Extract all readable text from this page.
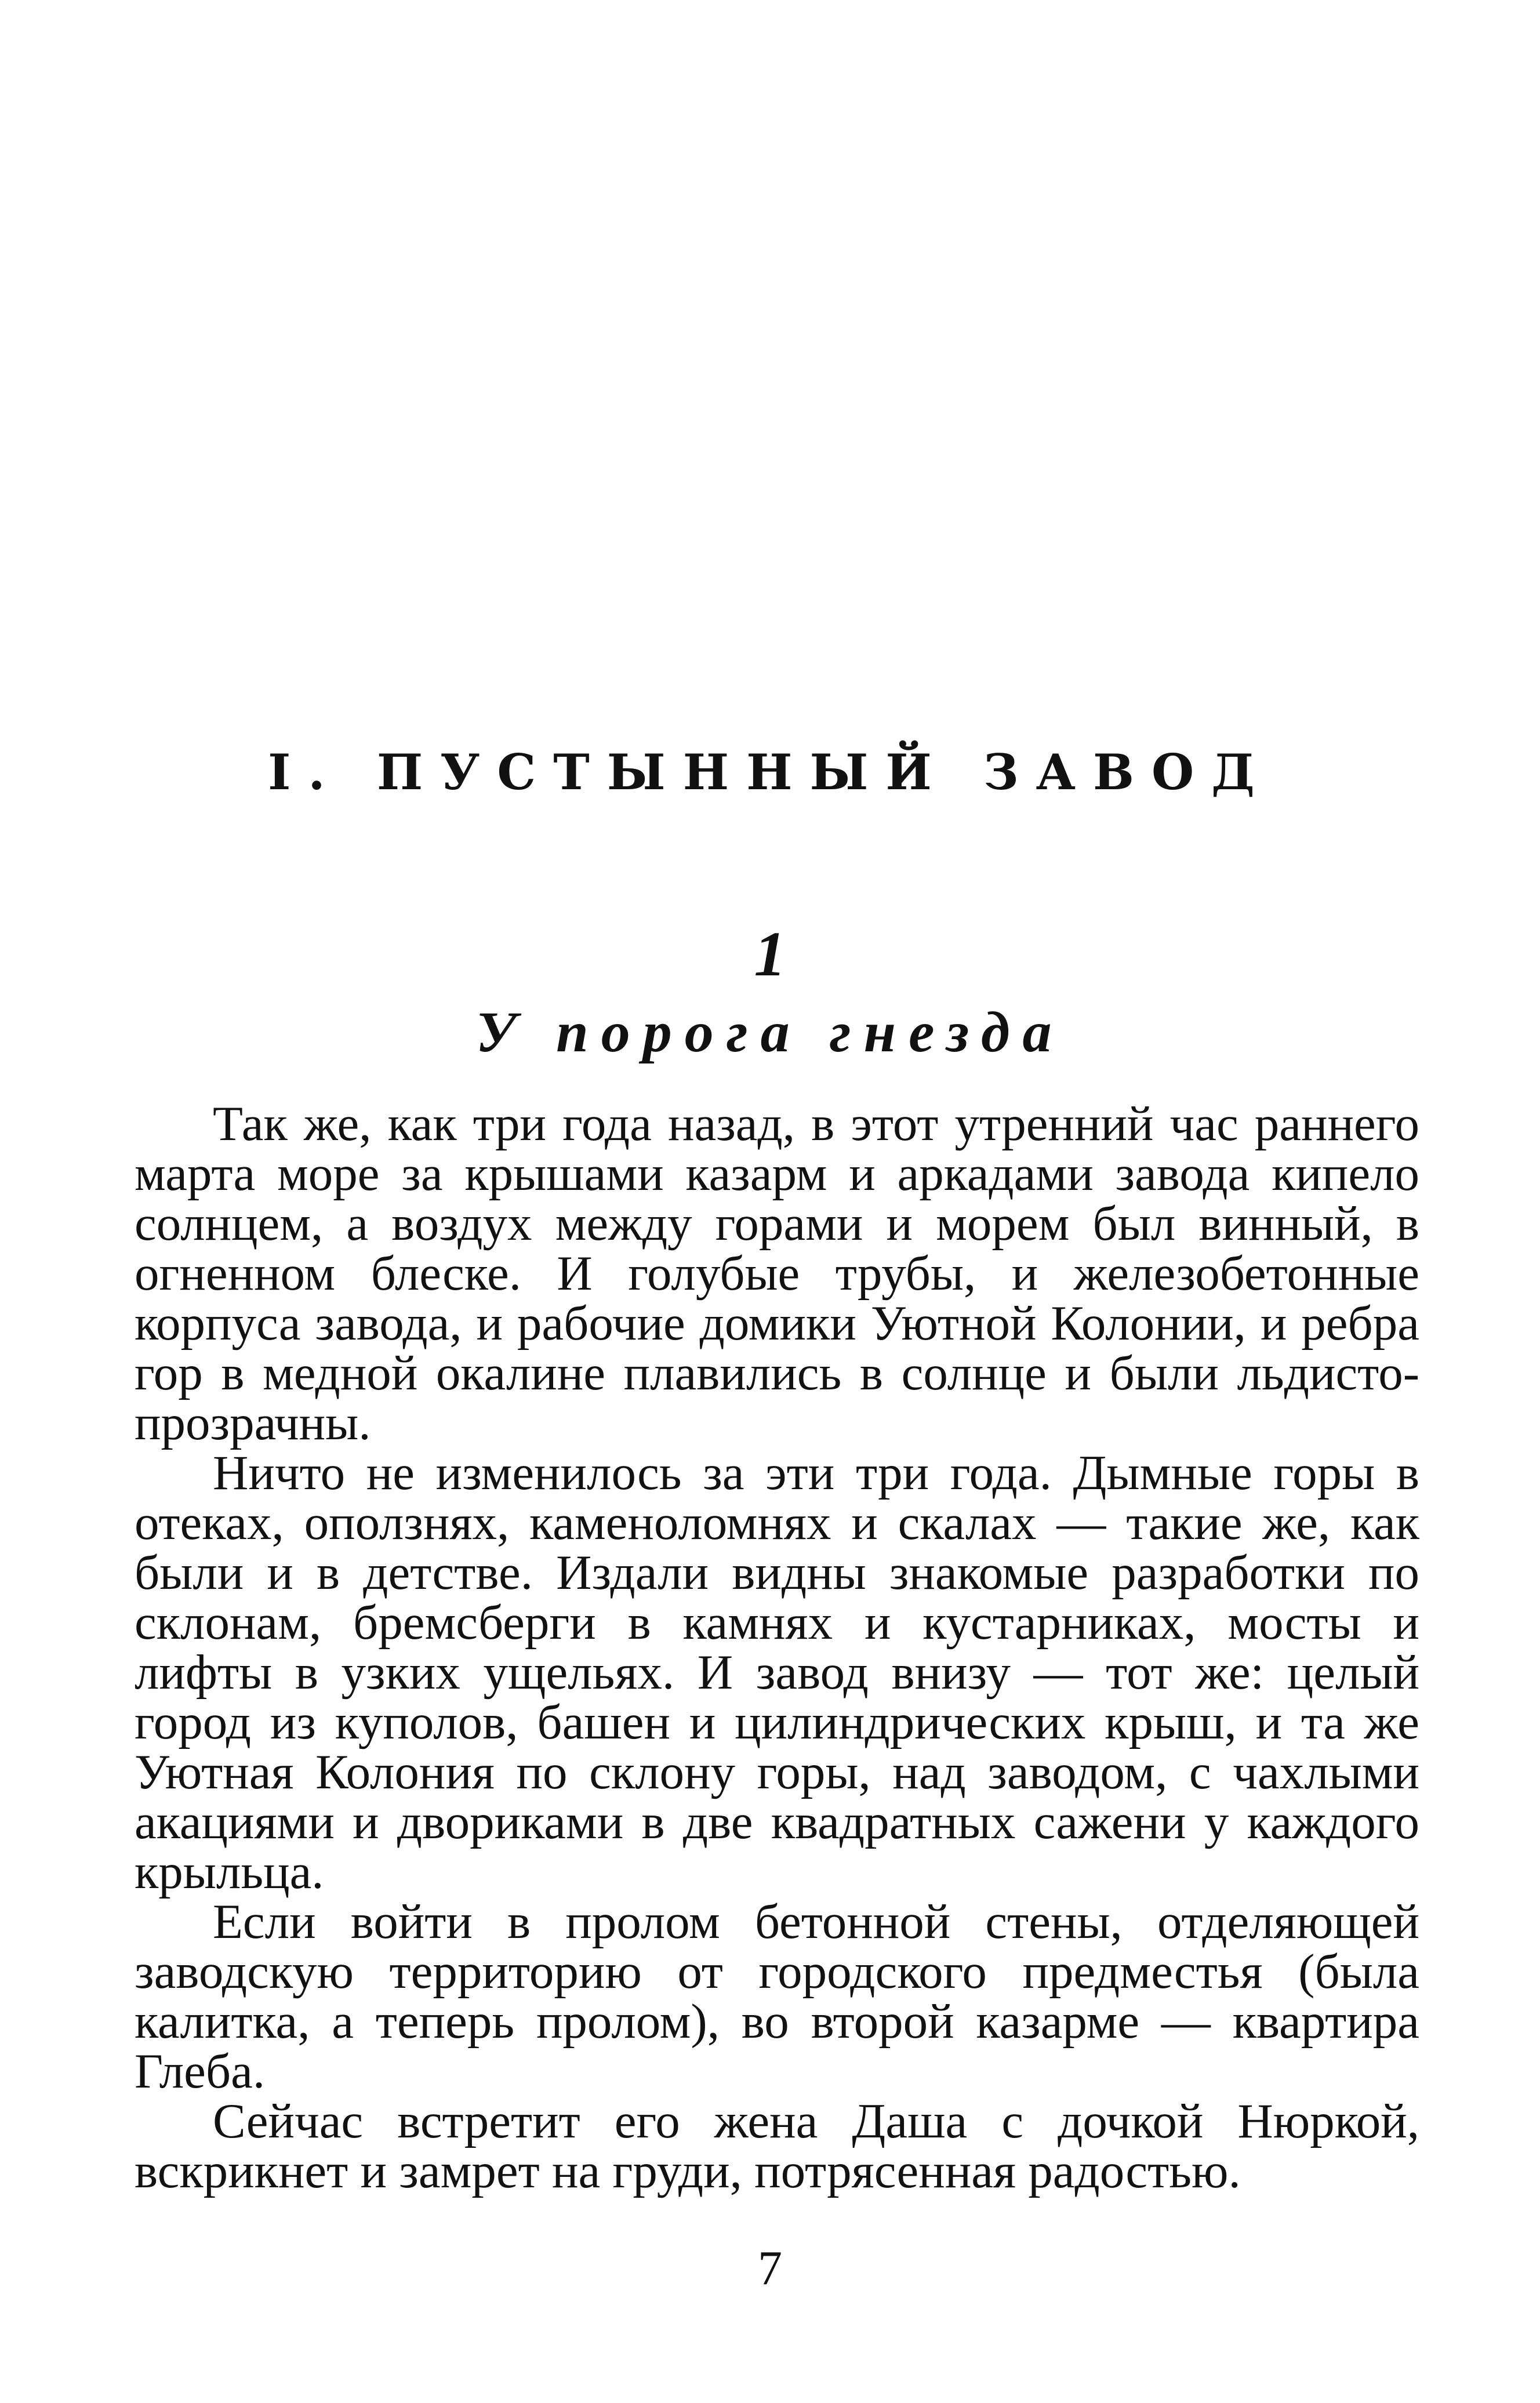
I. ПУСТЫННЫЙ ЗАВОД
1
У порога гнезда

Так же, как три года назад, в этот утренний час раннего марта море за крышами казарм и аркадами завода кипело солнцем, а воздух между горами и морем был винный, в огненном блеске. И голубые трубы, и железобетонные корпуса завода, и рабочие домики Уютной Колонии, и ребра гор в медной окалине плавились в солнце и были льдисто-прозрачны.

Ничто не изменилось за эти три года. Дымные горы в отеках, оползнях, каменоломнях и скалах — такие же, как были и в детстве. Издали видны знакомые разработки по склонам, бремсберги в камнях и кустарниках, мосты и лифты в узких ущельях. И завод внизу — тот же: целый город из куполов, башен и цилиндрических крыш, и та же Уютная Колония по склону горы, над заводом, с чахлыми акациями и двориками в две квадратных сажени у каждого крыльца.

Если войти в пролом бетонной стены, отделяющей заводскую территорию от городского предместья (была калитка, а теперь пролом), во второй казарме — квартира Глеба.

Сейчас встретит его жена Даша с дочкой Нюркой, вскрикнет и замрет на груди, потрясенная радостью.

7
